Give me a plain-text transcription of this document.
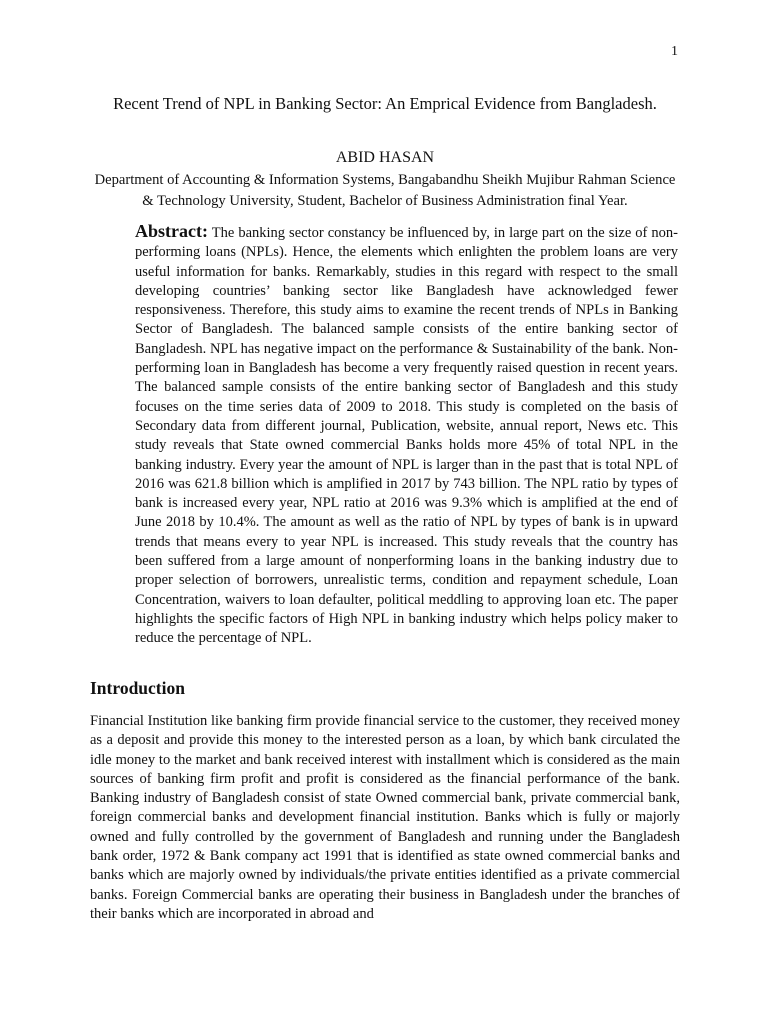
1
Recent Trend of NPL in Banking Sector: An Emprical Evidence from Bangladesh.
ABID HASAN
Department of Accounting & Information Systems, Bangabandhu Sheikh Mujibur Rahman Science & Technology University, Student, Bachelor of Business Administration final Year.

Abstract: The banking sector constancy be influenced by, in large part on the size of non-performing loans (NPLs). Hence, the elements which enlighten the problem loans are very useful information for banks. Remarkably, studies in this regard with respect to the small developing countries’ banking sector like Bangladesh have acknowledged fewer responsiveness. Therefore, this study aims to examine the recent trends of NPLs in Banking Sector of Bangladesh. The balanced sample consists of the entire banking sector of Bangladesh. NPL has negative impact on the performance & Sustainability of the bank. Non-performing loan in Bangladesh has become a very frequently raised question in recent years. The balanced sample consists of the entire banking sector of Bangladesh and this study focuses on the time series data of 2009 to 2018. This study is completed on the basis of Secondary data from different journal, Publication, website, annual report, News etc. This study reveals that State owned commercial Banks holds more 45% of total NPL in the banking industry. Every year the amount of NPL is larger than in the past that is total NPL of 2016 was 621.8 billion which is amplified in 2017 by 743 billion. The NPL ratio by types of bank is increased every year, NPL ratio at 2016 was 9.3% which is amplified at the end of June 2018 by 10.4%. The amount as well as the ratio of NPL by types of bank is in upward trends that means every to year NPL is increased. This study reveals that the country has been suffered from a large amount of nonperforming loans in the banking industry due to proper selection of borrowers, unrealistic terms, condition and repayment schedule, Loan Concentration, waivers to loan defaulter, political meddling to approving loan etc. The paper highlights the specific factors of High NPL in banking industry which helps policy maker to reduce the percentage of NPL.

Introduction

Financial Institution like banking firm provide financial service to the customer, they received money as a deposit and provide this money to the interested person as a loan, by which bank circulated the idle money to the market and bank received interest with installment which is considered as the main sources of banking firm profit and profit is considered as the financial performance of the bank. Banking industry of Bangladesh consist of state Owned commercial bank, private commercial bank, foreign commercial banks and development financial institution. Banks which is fully or majorly owned and fully controlled by the government of Bangladesh and running under the Bangladesh bank order, 1972 & Bank company act 1991 that is identified as state owned commercial banks and banks which are majorly owned by individuals/the private entities identified as a private commercial banks. Foreign Commercial banks are operating their business in Bangladesh under the branches of their banks which are incorporated in abroad and
